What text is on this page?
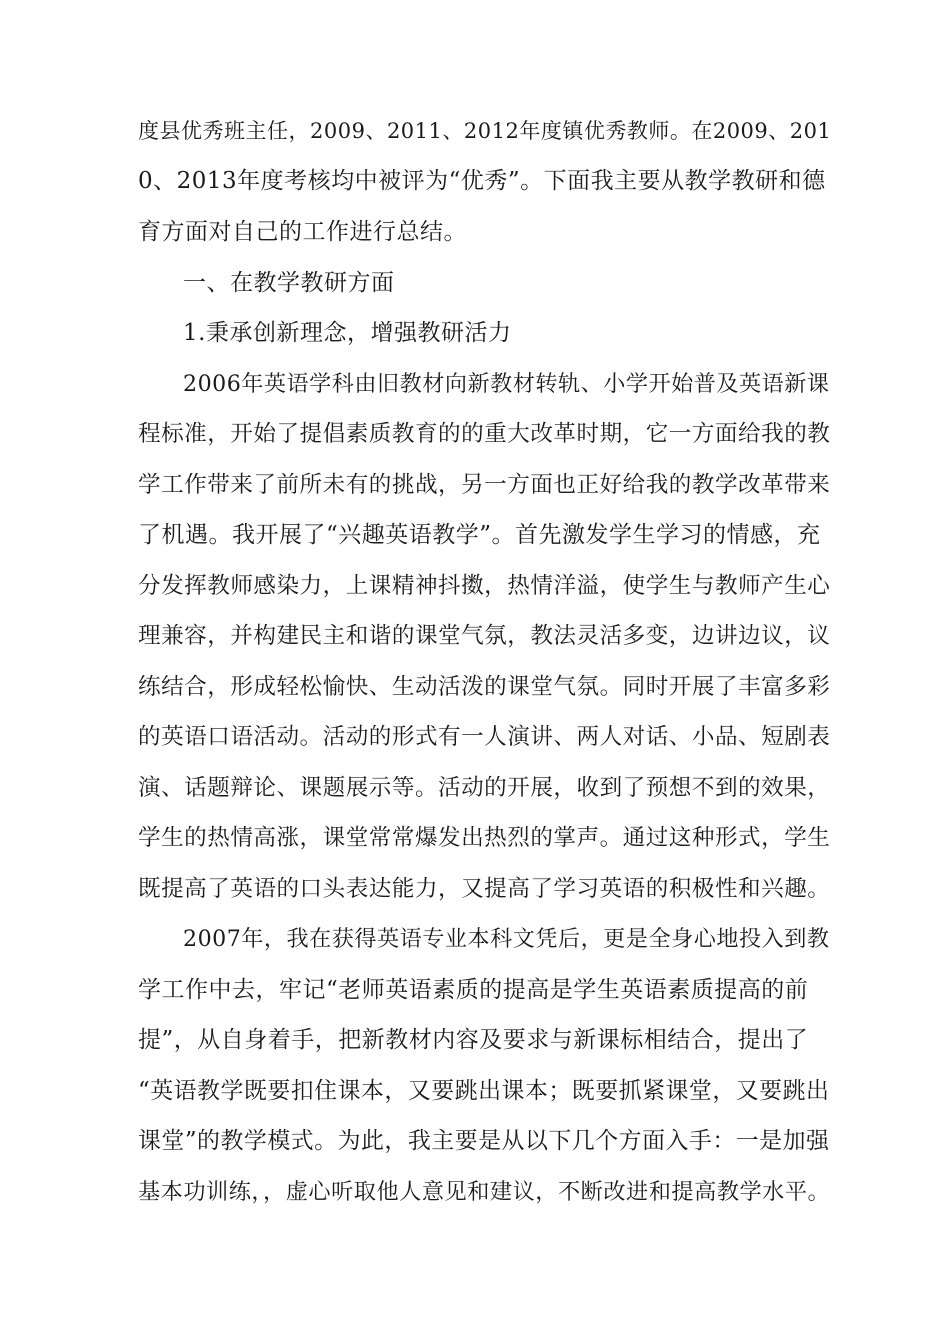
度县优秀班主任，2009、2011、2012年度镇优秀教师。在2009、201
0、2013年度考核均中被评为“优秀”。下面我主要从教学教研和德
育方面对自己的工作进行总结。
一、在教学教研方面
1.秉承创新理念，增强教研活力
2006年英语学科由旧教材向新教材转轨、小学开始普及英语新课
程标准，开始了提倡素质教育的的重大改革时期，它一方面给我的教
学工作带来了前所未有的挑战，另一方面也正好给我的教学改革带来
了机遇。我开展了“兴趣英语教学”。首先激发学生学习的情感，充
分发挥教师感染力，上课精神抖擞，热情洋溢，使学生与教师产生心
理兼容，并构建民主和谐的课堂气氛，教法灵活多变，边讲边议，议
练结合，形成轻松愉快、生动活泼的课堂气氛。同时开展了丰富多彩
的英语口语活动。活动的形式有一人演讲、两人对话、小品、短剧表
演、话题辩论、课题展示等。活动的开展，收到了预想不到的效果，
学生的热情高涨，课堂常常爆发出热烈的掌声。通过这种形式，学生
既提高了英语的口头表达能力，又提高了学习英语的积极性和兴趣。
2007年，我在获得英语专业本科文凭后，更是全身心地投入到教
学工作中去，牢记“老师英语素质的提高是学生英语素质提高的前
提”，从自身着手，把新教材内容及要求与新课标相结合，提出了
“英语教学既要扣住课本，又要跳出课本；既要抓紧课堂，又要跳出
课堂”的教学模式。为此，我主要是从以下几个方面入手：一是加强
基本功训练，，虚心听取他人意见和建议，不断改进和提高教学水平。
